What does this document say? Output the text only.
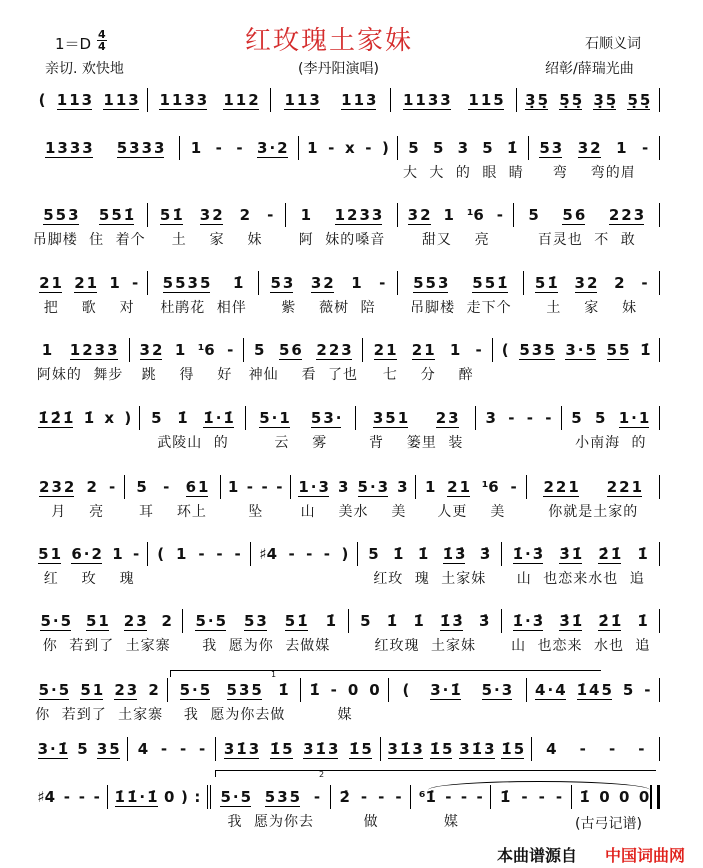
红玫瑰土家妹
1＝D
4
4
亲切. 欢快地	(李丹阳演唱)
石顺义词
绍彰/薛瑞光曲
( 1 1 3 1 1 3 1 1 3 3 1 1 2 1 1 3 1 1 3 1 1 3 3 1 1 5 3̣ 5̣ 5̣ 5̣ 3̣ 5̣ 5̣ 5̣
1 3 3 3 5 3 3 3 1 - - 3 · 2 1 - x - ) 5 5 3 5 1̇
大 大 的 眼 睛
5 3 3 2 1 -
弯  弯的眉
5 5 3 5 5 1̇
吊脚楼 住 着个
5 1̇ 3 2 2 -
土  家  妹
1 1 2 3 3
阿 妹的嗓音
3 2 1 ¹6 -
甜又  亮
5 5 6 2 2 3
百灵也 不 敢
2 1 2 1 1 -
把  歌  对
5 5 3 5 1̇
杜鹃花 相伴
5 3 3 2 1 -
紫  薇树 陪
5 5 3 5 5 1̇
吊脚楼 走下个
5 1̇ 3 2 2 -
土  家  妹
1 1 2 3 3
阿妹的 舞步
3 2 1 ¹6 -
跳  得  好
5 5 6 2 2 3
神仙  看 了也
2 1 2 1 1 -
七  分  醉
( 5 3 5 3 · 5 5 5 1̇
1̇ 2̇ 1̇ 1̇ x ) 5 1̇ 1̇ · 1̇
武陵山 的
5 · 1 5 3 ·
云  雾
3 5 1 2 3
背  篓里 装
3 - - - 5 5 1 · 1
小南海 的
2 3 2 2 -
月  亮
5 - 6 1
耳  环上
1 - - -
坠
1 · 3 3 5 · 3 3
山  美水  美
1 2 1 ¹6 -
人更  美
2 2 1 2 2 1
你就是土家的
5 1 6 · 2 1 -
红  玫  瑰
( 1 - - - ♯4 - - - ) 5 1̇ 1̇ 1̇ 3̇ 3̇
红玫 瑰 土家妹
1̇ · 3̇ 3̇ 1̇ 2̇ 1̇ 1̇
山 也恋来水也 追
5 · 5 5 1 2 3 2
你 若到了 土家寨
5 · 5 5 3 5 1̇ 1̇
我 愿为你 去做媒
5 1̇ 1̇ 1̇ 3̇ 3̇
红玫瑰 土家妹
1̇ · 3̇ 3̇ 1̇ 2̇ 1̇ 1̇
山 也恋来 水也 追
5 · 5 5 1 2 3 2
你 若到了 土家寨
5 · 5 5 3 5 1̇
我 愿为你去做
1̇ - 0 0
媒
( 3 · 1̇ 5 · 3 4 · 4 1̇ 4 5 5 -
1
3 · 1̇ 5 3 5 4 - - - 3 1̇ 3 1̇ 5 3 1̇ 3 1̇ 5 3 1̇ 3 1̇ 5 3 1̇ 3 1̇ 5 4 - - -
♯4 - - - 1̇ 1̇ · 1̇ 0 ) : 5 · 5 5 3 5 -
我 愿为你去
2̇ - - -
做
⁶1̇ - - -
媒
1̇ - - - 1̇ 0 0 0
2
(古弓记谱)
本曲谱源自 中国词曲网
